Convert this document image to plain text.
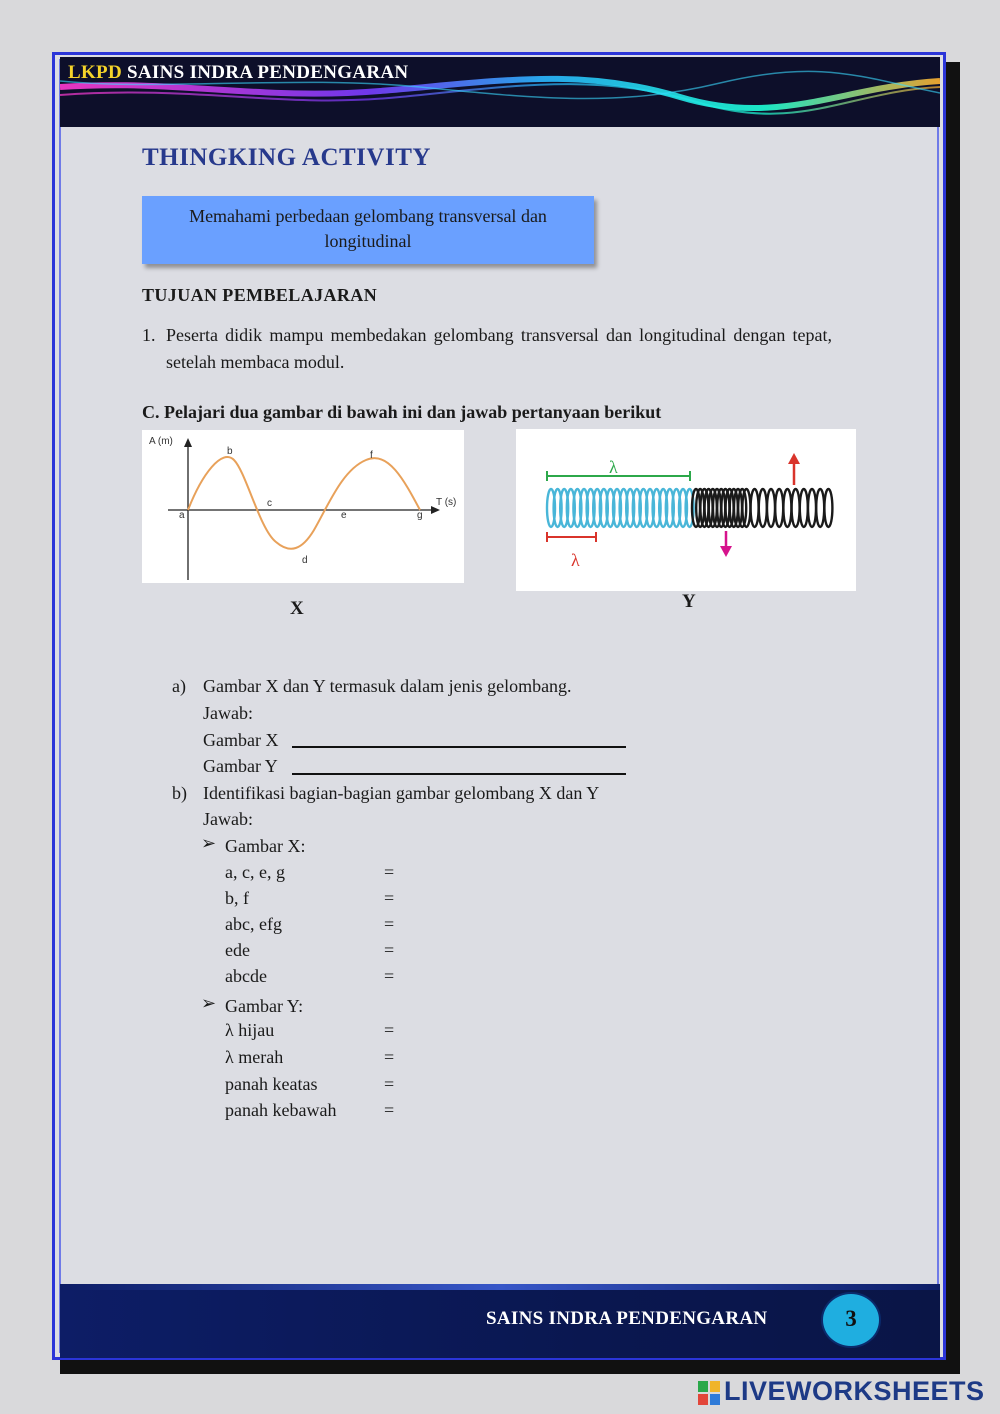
LKPD SAINS INDRA PENDENGARAN
THINGKING ACTIVITY
Memahami perbedaan gelombang transversal dan longitudinal
TUJUAN PEMBELAJARAN
1. Peserta didik mampu membedakan gelombang transversal dan longitudinal dengan tepat, setelah membaca modul.
C. Pelajari dua gambar di bawah ini dan jawab pertanyaan berikut
A (m)
T (s)
a
b
c
d
e
f
g
X
λ
λ
Y
a) Gambar X dan Y termasuk dalam jenis gelombang.
Jawab:
Gambar X
Gambar Y
b) Identifikasi bagian-bagian gambar gelombang X dan Y
Jawab:
➢ Gambar X:
a, c, e, g	=
b, f	=
abc, efg	=
ede	=
abcde	=
➢ Gambar Y:
λ hijau	=
λ merah	=
panah keatas	=
panah kebawah	=
SAINS INDRA PENDENGARAN	3
LIVEWORKSHEETS
